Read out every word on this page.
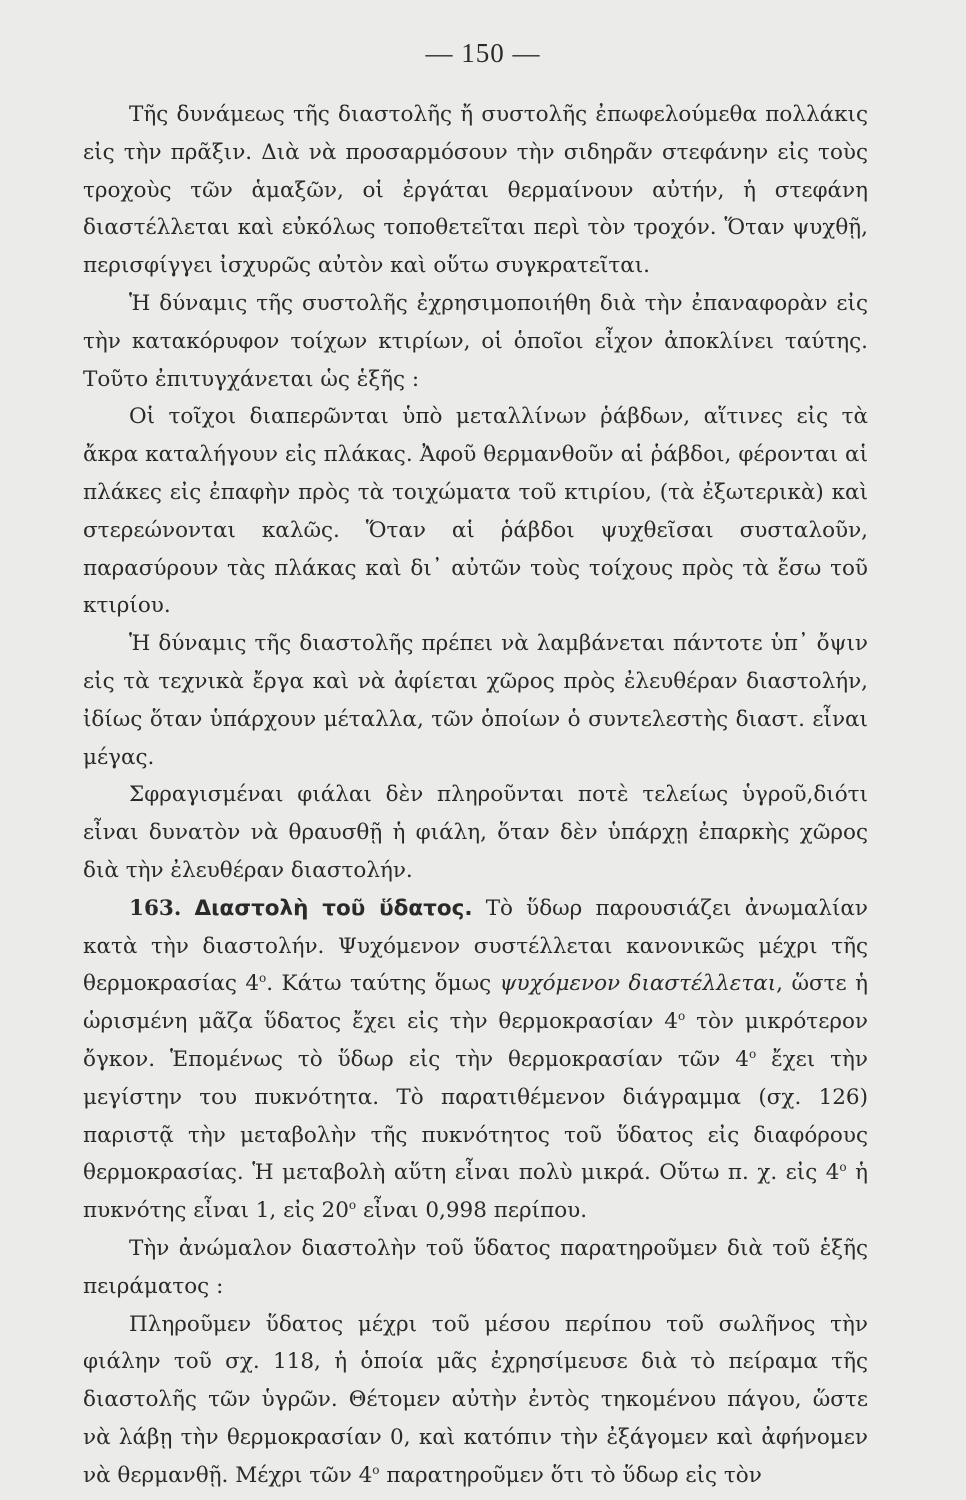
— 150 —

Τῆς δυνάμεως τῆς διαστολῆς ἤ συστολῆς ἐπωφελούμεθα πολλάκις εἰς τὴν πρᾶξιν. Διὰ νὰ προσαρμόσουν τὴν σιδηρᾶν στεφάνην εἰς τοὺς τροχοὺς τῶν ἁμαξῶν, οἱ ἐργάται θερμαίνουν αὐτήν, ἡ στεφάνη διαστέλλεται καὶ εὐκόλως τοποθετεῖται περὶ τὸν τροχόν. Ὅταν ψυχθῇ, περισφίγγει ἰσχυρῶς αὐτὸν καὶ οὕτω συγκρατεῖται.

Ἡ δύναμις τῆς συστολῆς ἐχρησιμοποιήθη διὰ τὴν ἐπαναφορὰν εἰς τὴν κατακόρυφον τοίχων κτιρίων, οἱ ὁποῖοι εἶχον ἀποκλίνει ταύτης. Τοῦτο ἐπιτυγχάνεται ὡς ἑξῆς :

Οἱ τοῖχοι διαπερῶνται ὑπὸ μεταλλίνων ῥάβδων, αἵτινες εἰς τὰ ἄκρα καταλήγουν εἰς πλάκας. Ἀφοῦ θερμανθοῦν αἱ ῥάβδοι, φέρονται αἱ πλάκες εἰς ἐπαφὴν πρὸς τὰ τοιχώματα τοῦ κτιρίου, (τὰ ἐξωτερικὰ) καὶ στερεώνονται καλῶς. Ὅταν αἱ ῥάβδοι ψυχθεῖσαι συσταλοῦν, παρασύρουν τὰς πλάκας καὶ δι᾽ αὐτῶν τοὺς τοίχους πρὸς τὰ ἔσω τοῦ κτιρίου.

Ἡ δύναμις τῆς διαστολῆς πρέπει νὰ λαμβάνεται πάντοτε ὑπ᾽ ὄψιν εἰς τὰ τεχνικὰ ἔργα καὶ νὰ ἀφίεται χῶρος πρὸς ἐλευθέραν διαστολήν, ἰδίως ὅταν ὑπάρχουν μέταλλα, τῶν ὁποίων ὁ συντελεστὴς διαστ. εἶναι μέγας.

Σφραγισμέναι φιάλαι δὲν πληροῦνται ποτὲ τελείως ὑγροῦ,διότι εἶναι δυνατὸν νὰ θραυσθῇ ἡ φιάλη, ὅταν δὲν ὑπάρχῃ ἐπαρκὴς χῶρος διὰ τὴν ἐλευθέραν διαστολήν.

163. Διαστολὴ τοῦ ὕδατος. Τὸ ὕδωρ παρουσιάζει ἀνωμαλίαν κατὰ τὴν διαστολήν. Ψυχόμενον συστέλλεται κανονικῶς μέχρι τῆς θερμοκρασίας $4^o$. Κάτω ταύτης ὅμως ψυχόμενον διαστέλλεται, ὥστε ἡ ὡρισμένη μᾶζα ὕδατος ἔχει εἰς τὴν θερμοκρασίαν $4^o$ τὸν μικρότερον ὄγκον. Ἑπομένως τὸ ὕδωρ εἰς τὴν θερμοκρασίαν τῶν $4^o$ ἔχει τὴν μεγίστην του πυκνότητα. Τὸ παρατιθέμενον διάγραμμα (σχ. 126) παριστᾷ τὴν μεταβολὴν τῆς πυκνότητος τοῦ ὕδατος εἰς διαφόρους θερμοκρασίας. Ἡ μεταβολὴ αὕτη εἶναι πολὺ μικρά. Οὕτω π. χ. εἰς $4^o$ ἡ πυκνότης εἶναι 1, εἰς $20^o$ εἶναι 0,998 περίπου.

Τὴν ἀνώμαλον διαστολὴν τοῦ ὕδατος παρατηροῦμεν διὰ τοῦ ἑξῆς πειράματος :

Πληροῦμεν ὕδατος μέχρι τοῦ μέσου περίπου τοῦ σωλῆνος τὴν φιάλην τοῦ σχ. 118, ἡ ὁποία μᾶς ἐχρησίμευσε διὰ τὸ πείραμα τῆς διαστολῆς τῶν ὑγρῶν. Θέτομεν αὐτὴν ἐντὸς τηκομένου πάγου, ὥστε νὰ λάβῃ τὴν θερμοκρασίαν 0, καὶ κατόπιν τὴν ἐξάγομεν καὶ ἀφήνομεν νὰ θερμανθῇ. Μέχρι τῶν $4^o$ παρατηροῦμεν ὅτι τὸ ὕδωρ εἰς τὸν
